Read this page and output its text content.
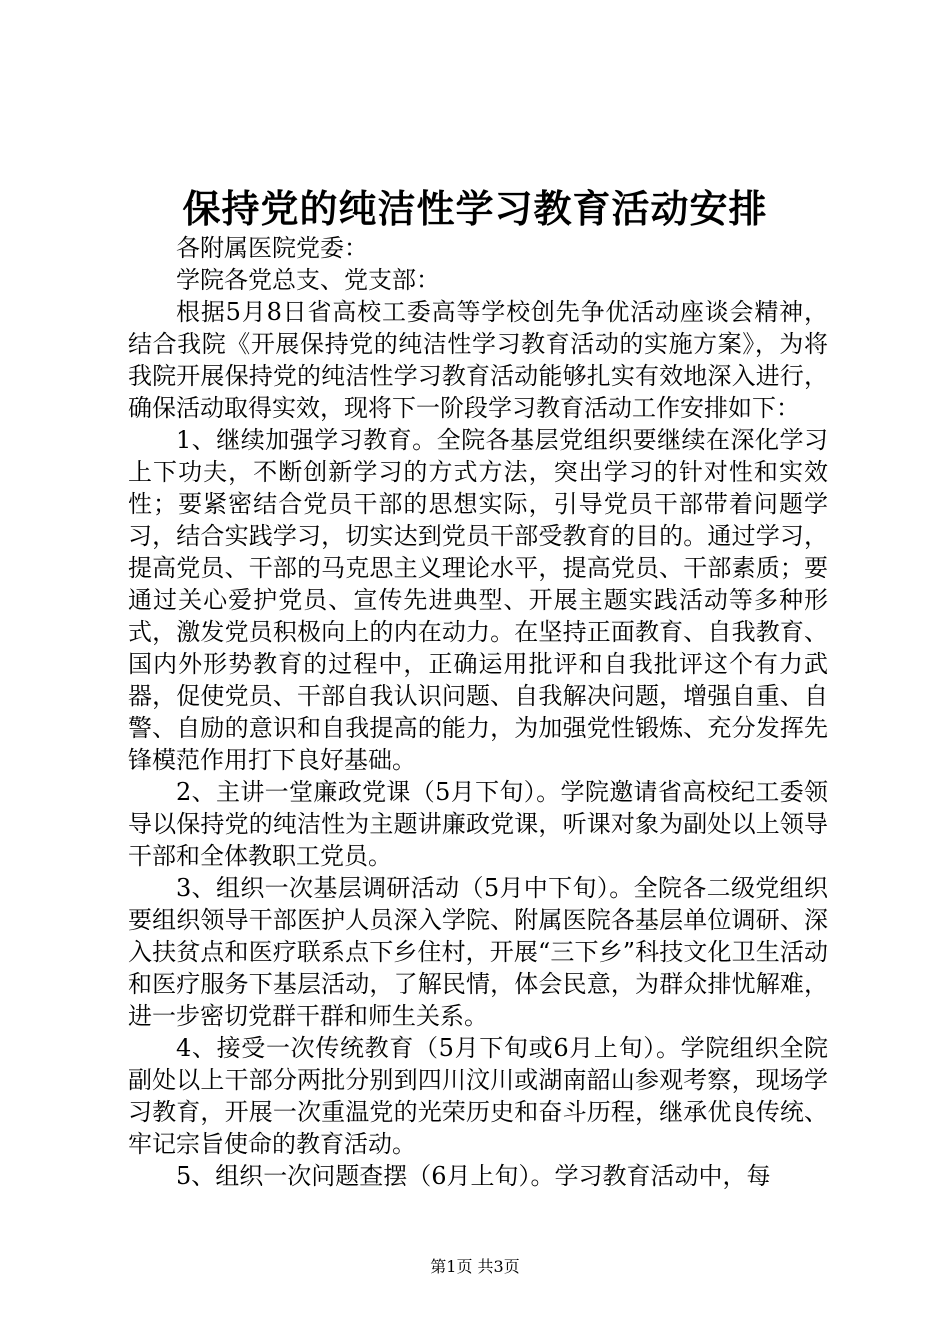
保持党的纯洁性学习教育活动安排

各附属医院党委：

学院各党总支、党支部：

根据5月8日省高校工委高等学校创先争优活动座谈会精神，结合我院《开展保持党的纯洁性学习教育活动的实施方案》，为将我院开展保持党的纯洁性学习教育活动能够扎实有效地深入进行，确保活动取得实效，现将下一阶段学习教育活动工作安排如下：

1、继续加强学习教育。全院各基层党组织要继续在深化学习上下功夫，不断创新学习的方式方法，突出学习的针对性和实效性；要紧密结合党员干部的思想实际，引导党员干部带着问题学习，结合实践学习，切实达到党员干部受教育的目的。通过学习，提高党员、干部的马克思主义理论水平，提高党员、干部素质；要通过关心爱护党员、宣传先进典型、开展主题实践活动等多种形式，激发党员积极向上的内在动力。在坚持正面教育、自我教育、国内外形势教育的过程中，正确运用批评和自我批评这个有力武器，促使党员、干部自我认识问题、自我解决问题，增强自重、自警、自励的意识和自我提高的能力，为加强党性锻炼、充分发挥先锋模范作用打下良好基础。

2、主讲一堂廉政党课（5月下旬）。学院邀请省高校纪工委领导以保持党的纯洁性为主题讲廉政党课，听课对象为副处以上领导干部和全体教职工党员。

3、组织一次基层调研活动（5月中下旬）。全院各二级党组织要组织领导干部医护人员深入学院、附属医院各基层单位调研、深入扶贫点和医疗联系点下乡住村，开展“三下乡”科技文化卫生活动和医疗服务下基层活动，了解民情，体会民意，为群众排忧解难，进一步密切党群干群和师生关系。

4、接受一次传统教育（5月下旬或6月上旬）。学院组织全院副处以上干部分两批分别到四川汶川或湖南韶山参观考察，现场学习教育，开展一次重温党的光荣历史和奋斗历程，继承优良传统、牢记宗旨使命的教育活动。

5、组织一次问题查摆（6月上旬）。学习教育活动中，每

第1页 共3页
